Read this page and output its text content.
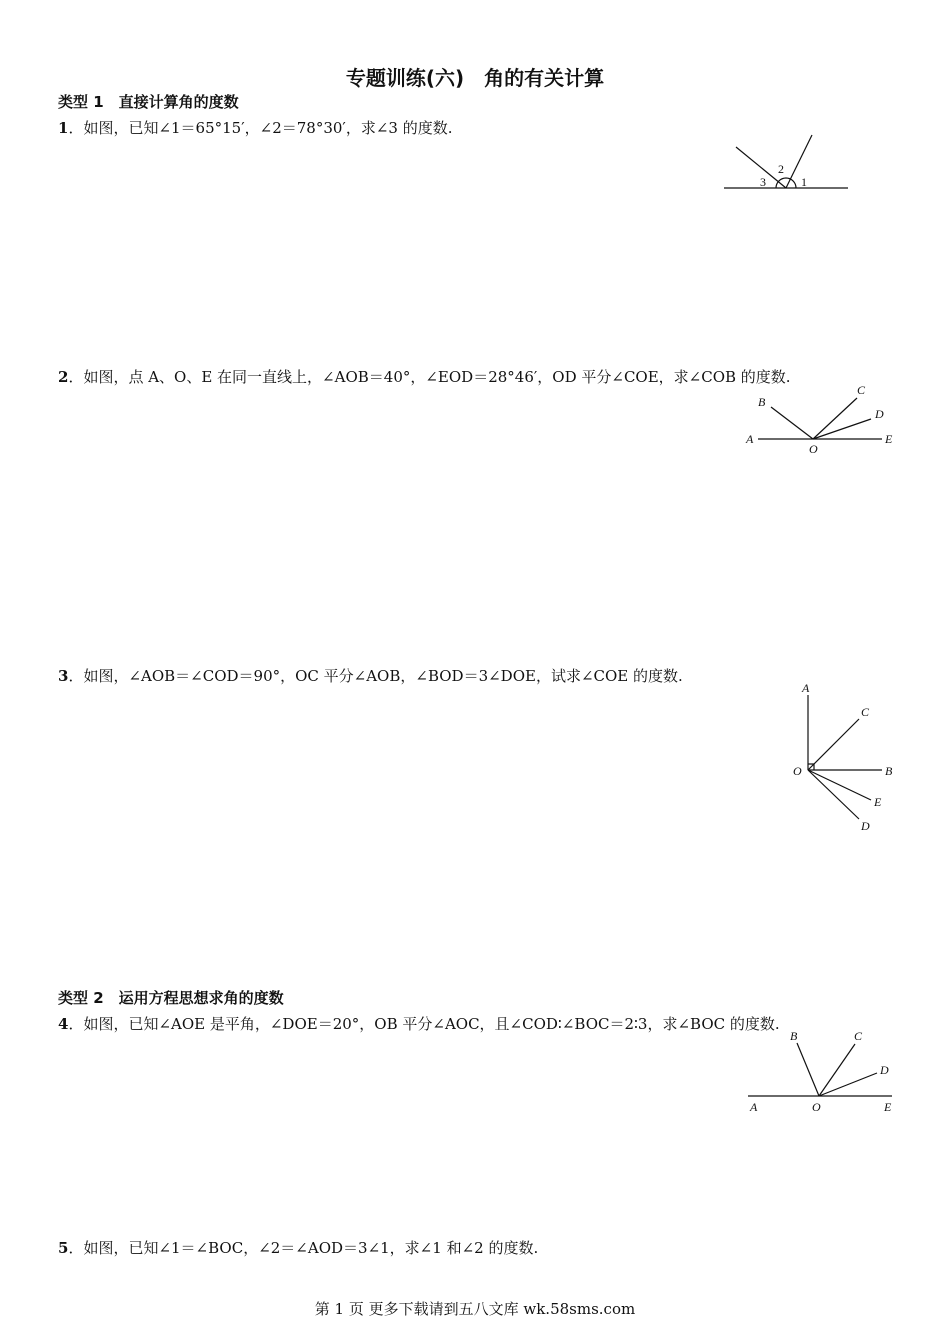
专题训练(六)　角的有关计算
类型 1　直接计算角的度数
1．如图，已知∠1＝65°15′，∠2＝78°30′，求∠3 的度数.
2
3	1
2．如图，点 A、O、E 在同一直线上，∠AOB＝40°，∠EOD＝28°46′，OD 平分∠COE，求∠COB 的度数.
A
O
E
B
C
D
3．如图，∠AOB＝∠COD＝90°，OC 平分∠AOB，∠BOD＝3∠DOE，试求∠COE 的度数.
A
C
O	B
E
D
类型 2　运用方程思想求角的度数
4．如图，已知∠AOE 是平角，∠DOE＝20°，OB 平分∠AOC，且∠COD∶∠BOC＝2∶3，求∠BOC 的度数.
A	O	E
B	C
D
5．如图，已知∠1＝∠BOC，∠2＝∠AOD＝3∠1，求∠1 和∠2 的度数.
第 1 页 更多下载请到五八文库 wk.58sms.com
